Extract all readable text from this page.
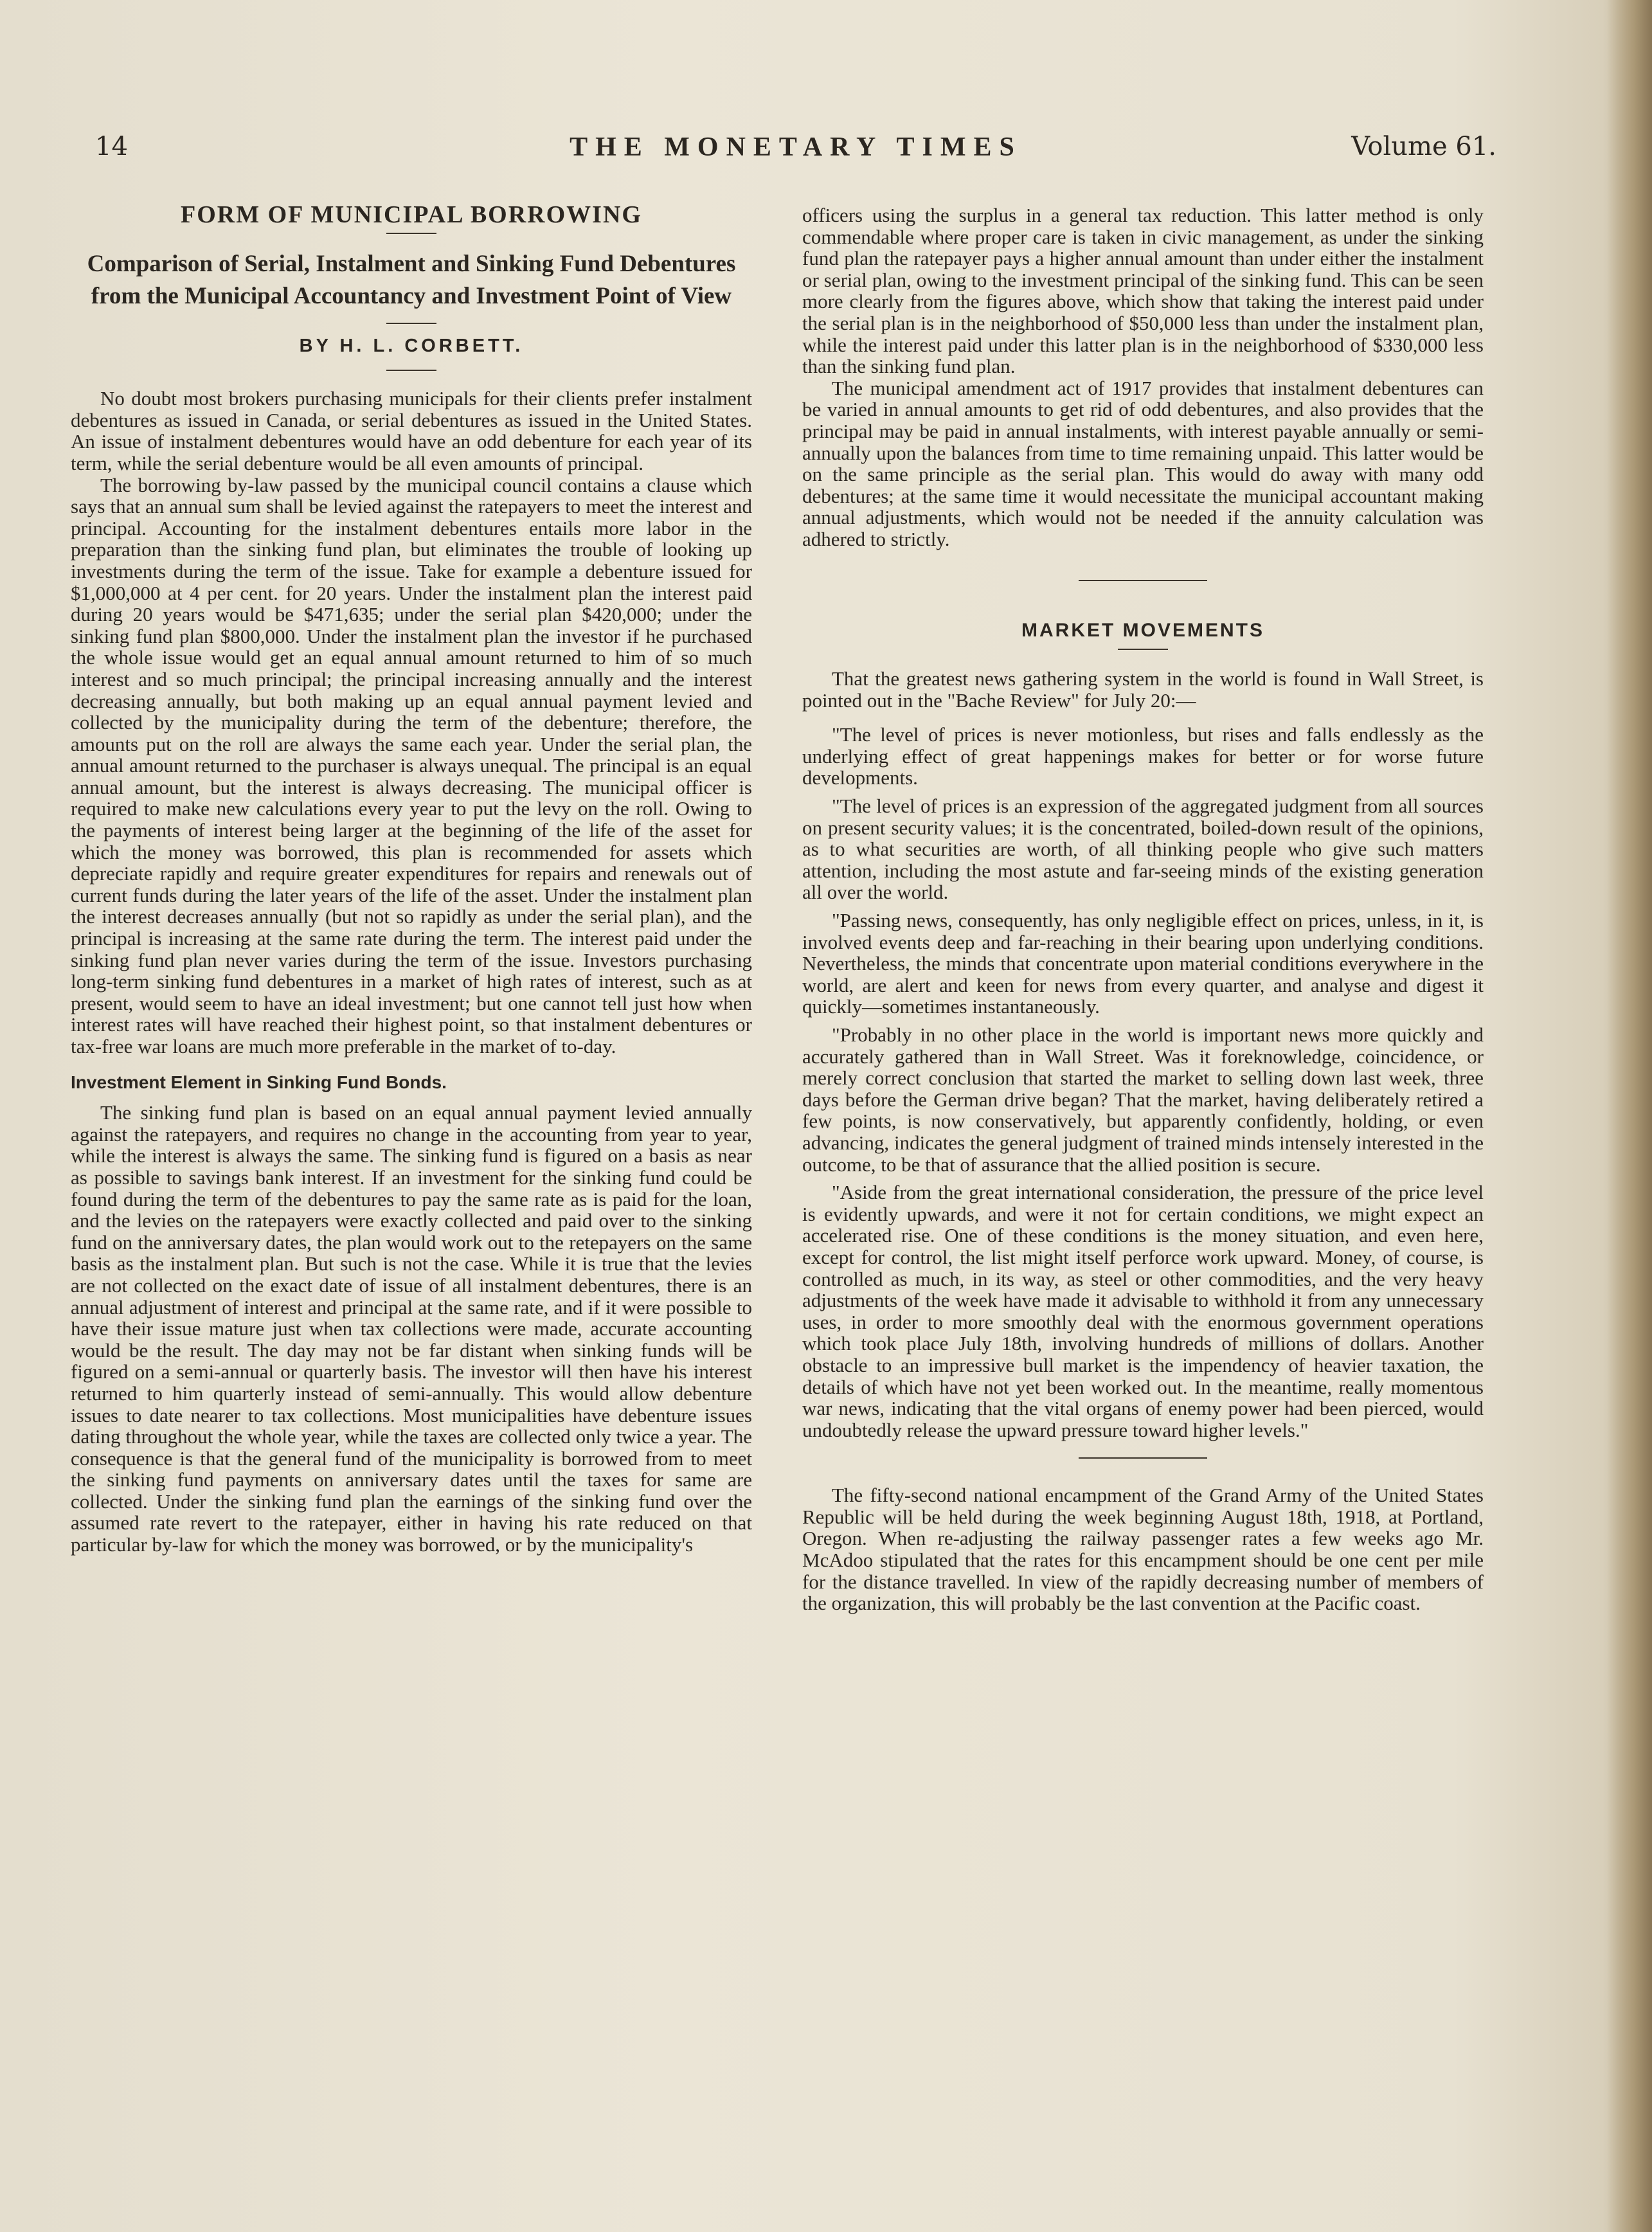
14	THE MONETARY TIMES	Volume 61.
FORM OF MUNICIPAL BORROWING
Comparison of Serial, Instalment and Sinking Fund Debentures from the Municipal Accountancy and Investment Point of View
BY H. L. CORBETT.

No doubt most brokers purchasing municipals for their clients prefer instalment debentures as issued in Canada, or serial debentures as issued in the United States. An issue of instalment debentures would have an odd debenture for each year of its term, while the serial debenture would be all even amounts of principal.

The borrowing by-law passed by the municipal council contains a clause which says that an annual sum shall be levied against the ratepayers to meet the interest and principal. Accounting for the instalment debentures entails more labor in the preparation than the sinking fund plan, but eliminates the trouble of looking up investments during the term of the issue. Take for example a debenture issued for $1,000,000 at 4 per cent. for 20 years. Under the instalment plan the interest paid during 20 years would be $471,635; under the serial plan $420,000; under the sinking fund plan $800,000. Under the instalment plan the investor if he purchased the whole issue would get an equal annual amount returned to him of so much interest and so much principal; the principal increasing annually and the interest decreasing annually, but both making up an equal annual payment levied and collected by the municipality during the term of the debenture; therefore, the amounts put on the roll are always the same each year. Under the serial plan, the annual amount returned to the purchaser is always unequal. The principal is an equal annual amount, but the interest is always decreasing. The municipal officer is required to make new calculations every year to put the levy on the roll. Owing to the payments of interest being larger at the beginning of the life of the asset for which the money was borrowed, this plan is recommended for assets which depreciate rapidly and require greater expenditures for repairs and renewals out of current funds during the later years of the life of the asset. Under the instalment plan the interest decreases annually (but not so rapidly as under the serial plan), and the principal is increasing at the same rate during the term. The interest paid under the sinking fund plan never varies during the term of the issue. Investors purchasing long-term sinking fund debentures in a market of high rates of interest, such as at present, would seem to have an ideal investment; but one cannot tell just how when interest rates will have reached their highest point, so that instalment debentures or tax-free war loans are much more preferable in the market of to-day.

Investment Element in Sinking Fund Bonds.

The sinking fund plan is based on an equal annual payment levied annually against the ratepayers, and requires no change in the accounting from year to year, while the interest is always the same. The sinking fund is figured on a basis as near as possible to savings bank interest. If an investment for the sinking fund could be found during the term of the debentures to pay the same rate as is paid for the loan, and the levies on the ratepayers were exactly collected and paid over to the sinking fund on the anniversary dates, the plan would work out to the retepayers on the same basis as the instalment plan. But such is not the case. While it is true that the levies are not collected on the exact date of issue of all instalment debentures, there is an annual adjustment of interest and principal at the same rate, and if it were possible to have their issue mature just when tax collections were made, accurate accounting would be the result. The day may not be far distant when sinking funds will be figured on a semi-annual or quarterly basis. The investor will then have his interest returned to him quarterly instead of semi-annually. This would allow debenture issues to date nearer to tax collections. Most municipalities have debenture issues dating throughout the whole year, while the taxes are collected only twice a year. The consequence is that the general fund of the municipality is borrowed from to meet the sinking fund payments on anniversary dates until the taxes for same are collected. Under the sinking fund plan the earnings of the sinking fund over the assumed rate revert to the ratepayer, either in having his rate reduced on that particular by-law for which the money was borrowed, or by the municipality's

officers using the surplus in a general tax reduction. This latter method is only commendable where proper care is taken in civic management, as under the sinking fund plan the ratepayer pays a higher annual amount than under either the instalment or serial plan, owing to the investment principal of the sinking fund. This can be seen more clearly from the figures above, which show that taking the interest paid under the serial plan is in the neighborhood of $50,000 less than under the instalment plan, while the interest paid under this latter plan is in the neighborhood of $330,000 less than the sinking fund plan.

The municipal amendment act of 1917 provides that instalment debentures can be varied in annual amounts to get rid of odd debentures, and also provides that the principal may be paid in annual instalments, with interest payable annually or semi-annually upon the balances from time to time remaining unpaid. This latter would be on the same principle as the serial plan. This would do away with many odd debentures; at the same time it would necessitate the municipal accountant making annual adjustments, which would not be needed if the annuity calculation was adhered to strictly.

MARKET MOVEMENTS

That the greatest news gathering system in the world is found in Wall Street, is pointed out in the "Bache Review" for July 20:—

"The level of prices is never motionless, but rises and falls endlessly as the underlying effect of great happenings makes for better or for worse future developments.

"The level of prices is an expression of the aggregated judgment from all sources on present security values; it is the concentrated, boiled-down result of the opinions, as to what securities are worth, of all thinking people who give such matters attention, including the most astute and far-seeing minds of the existing generation all over the world.

"Passing news, consequently, has only negligible effect on prices, unless, in it, is involved events deep and far-reaching in their bearing upon underlying conditions. Nevertheless, the minds that concentrate upon material conditions everywhere in the world, are alert and keen for news from every quarter, and analyse and digest it quickly—sometimes instantaneously.

"Probably in no other place in the world is important news more quickly and accurately gathered than in Wall Street. Was it foreknowledge, coincidence, or merely correct conclusion that started the market to selling down last week, three days before the German drive began? That the market, having deliberately retired a few points, is now conservatively, but apparently confidently, holding, or even advancing, indicates the general judgment of trained minds intensely interested in the outcome, to be that of assurance that the allied position is secure.

"Aside from the great international consideration, the pressure of the price level is evidently upwards, and were it not for certain conditions, we might expect an accelerated rise. One of these conditions is the money situation, and even here, except for control, the list might itself perforce work upward. Money, of course, is controlled as much, in its way, as steel or other commodities, and the very heavy adjustments of the week have made it advisable to withhold it from any unnecessary uses, in order to more smoothly deal with the enormous government operations which took place July 18th, involving hundreds of millions of dollars. Another obstacle to an impressive bull market is the impendency of heavier taxation, the details of which have not yet been worked out. In the meantime, really momentous war news, indicating that the vital organs of enemy power had been pierced, would undoubtedly release the upward pressure toward higher levels."

The fifty-second national encampment of the Grand Army of the United States Republic will be held during the week beginning August 18th, 1918, at Portland, Oregon. When re-adjusting the railway passenger rates a few weeks ago Mr. McAdoo stipulated that the rates for this encampment should be one cent per mile for the distance travelled. In view of the rapidly decreasing number of members of the organization, this will probably be the last convention at the Pacific coast.
